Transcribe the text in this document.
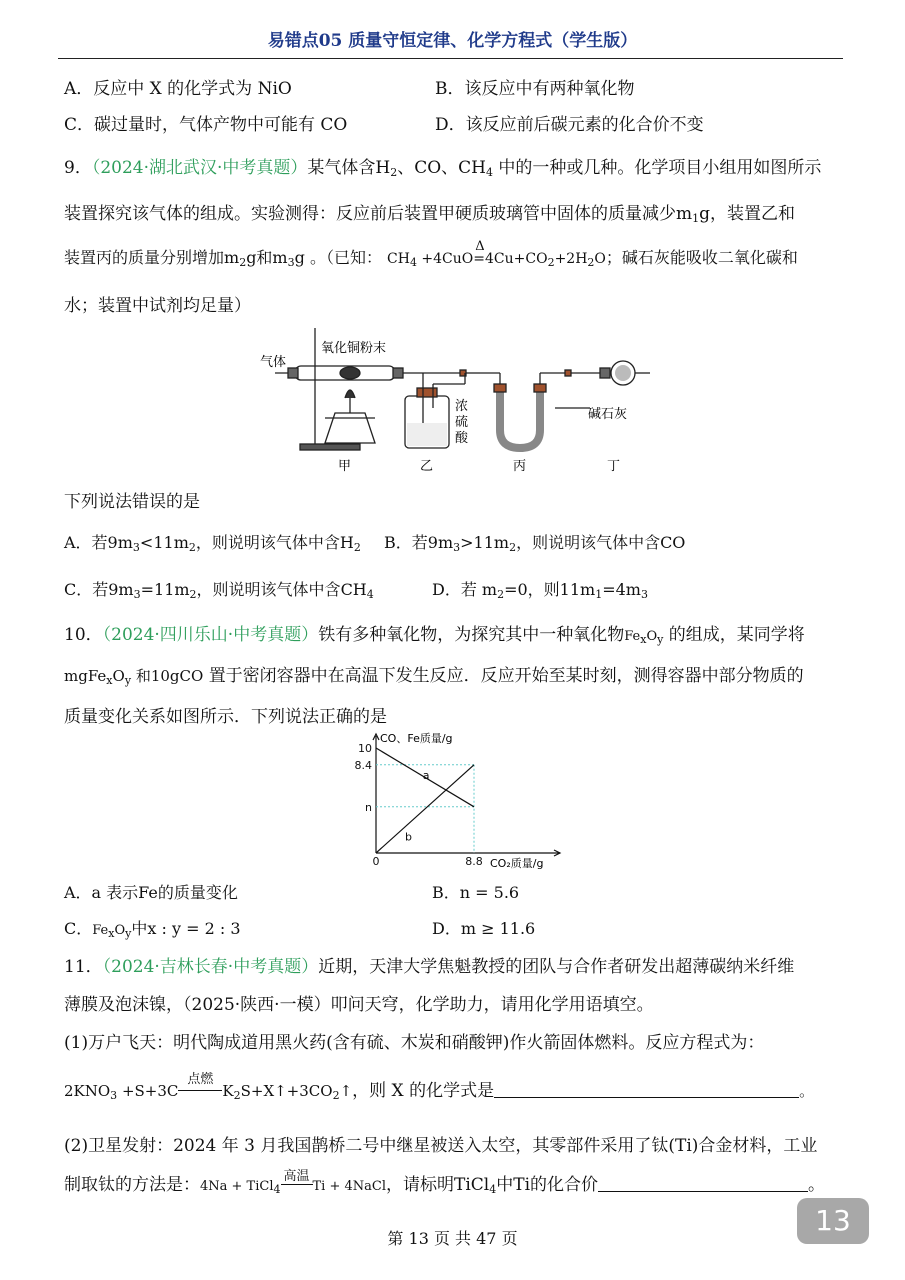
易错点05 质量守恒定律、化学方程式（学生版）
A．反应中 X 的化学式为 NiO	B．该反应中有两种氧化物
C．碳过量时，气体产物中可能有 CO	D．该反应前后碳元素的化合价不变
9．（2024·湖北武汉·中考真题）某气体含$H_2$、CO、$CH_4$ 中的一种或几种。化学项目小组用如图所示
装置探究该气体的组成。实验测得：反应前后装置甲硬质玻璃管中固体的质量减少$m_1g$，装置乙和
装置丙的质量分别增加$m_2g$和$m_3g$ 。（已知： $CH_4 +4CuO$
Δ
$=4Cu+CO_2+2H_2O$；碱石灰能吸收二氧化碳和
水；装置中试剂均足量）
气体
氧化铜粉末
浓
硫
酸
碱石灰
甲	乙	丙	丁
下列说法错误的是
A．若$9m_3<11m_2$，则说明该气体中含$H_2$ B．若$9m_3>11m_2$，则说明该气体中含CO
C．若$9m_3=11m_2$，则说明该气体中含$CH_4$	D．若 $m_2=0$，则$11m_1=4m_3$
10．（2024·四川乐山·中考真题）铁有多种氧化物，为探究其中一种氧化物$Fe_xO_y$ 的组成，某同学将
$mgFe_xO_y$ 和10gCO 置于密闭容器中在高温下发生反应．反应开始至某时刻，测得容器中部分物质的
质量变化关系如图所示．下列说法正确的是
10
8.4
n
0	8.8
a
b
CO、Fe质量/g
CO₂质量/g
A．a 表示Fe的质量变化	B．n = 5.6
C．$Fe_xO_y$中x : y = 2 : 3	D．m ≥ 11.6
11．（2024·吉林长春·中考真题）近期，天津大学焦魁教授的团队与合作者研发出超薄碳纳米纤维
薄膜及泡沫镍，（2025·陕西·一模）叩问天穹，化学助力，请用化学用语填空。
(1)万户飞天：明代陶成道用黑火药(含有硫、木炭和硝酸钾)作火箭固体燃料。反应方程式为：
$2KNO_3 +S+3C$
点燃
$K_2S+X↑+3CO_2↑$，则 X 的化学式是	。
(2)卫星发射：2024 年 3 月我国鹊桥二号中继星被送入太空，其零部件采用了钛(Ti)合金材料，工业
制取钛的方法是：4Na + TiCl$_4$
高温
Ti + 4NaCl，请标明TiCl$_4$中Ti的化合价	。
第 13 页 共 47 页
13
